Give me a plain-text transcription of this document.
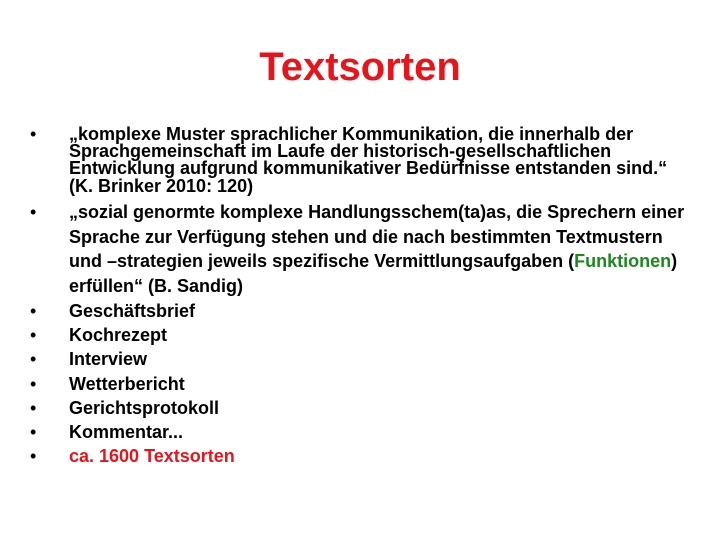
Textsorten
•	„komplexe Muster sprachlicher Kommunikation, die innerhalb der Sprachgemeinschaft im Laufe der historisch-gesellschaftlichen Entwicklung aufgrund kommunikativer Bedürfnisse entstanden sind.“ (K. Brinker 2010: 120)
•	„sozial genormte komplexe Handlungsschem(ta)as, die Sprechern einer Sprache zur Verfügung stehen und die nach bestimmten Textmustern und –strategien jeweils spezifische Vermittlungsaufgaben (Funktionen) erfüllen“ (B. Sandig)
•	Geschäftsbrief
•	Kochrezept
•	Interview
•	Wetterbericht
•	Gerichtsprotokoll
•	Kommentar...
•	ca. 1600 Textsorten
